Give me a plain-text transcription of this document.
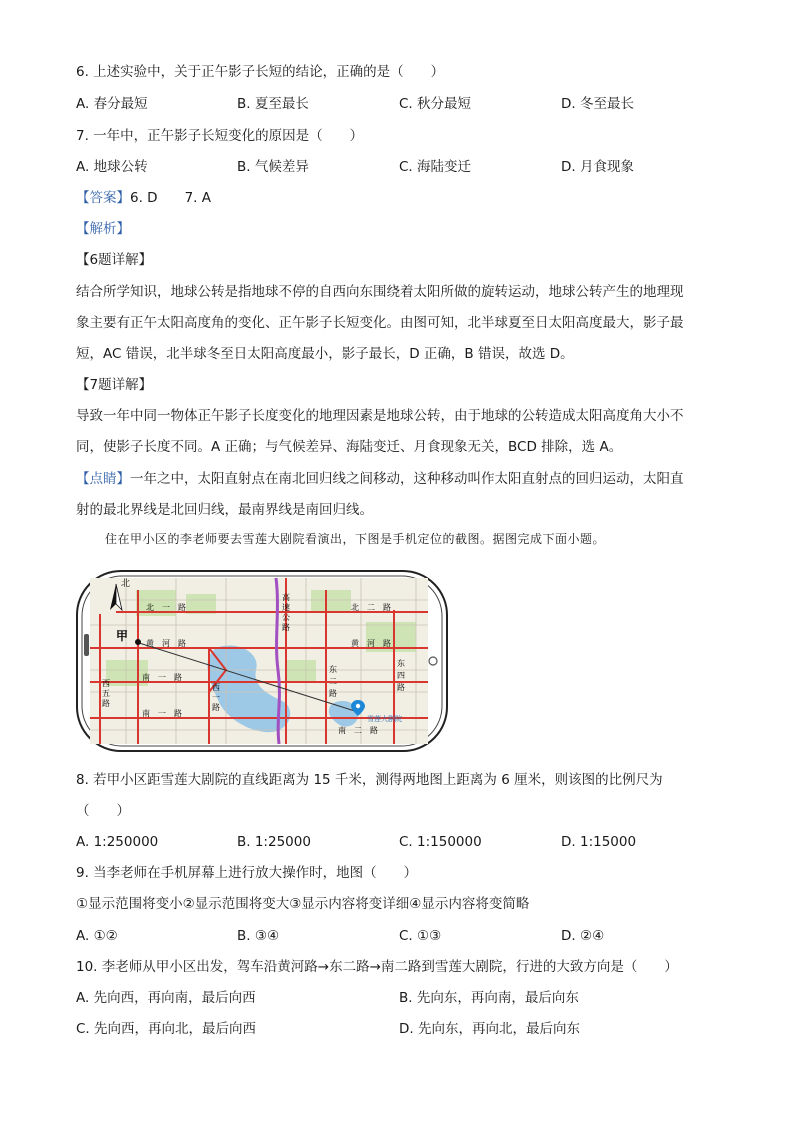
6. 上述实验中，关于正午影子长短的结论，正确的是（　　）
A. 春分最短	B. 夏至最长	C. 秋分最短	D. 冬至最长
7. 一年中，正午影子长短变化的原因是（　　）
A. 地球公转	B. 气候差异	C. 海陆变迁	D. 月食现象
【答案】6. D　　7. A
【解析】
【6题详解】
结合所学知识，地球公转是指地球不停的自西向东围绕着太阳所做的旋转运动，地球公转产生的地理现
象主要有正午太阳高度角的变化、正午影子长短变化。由图可知，北半球夏至日太阳高度最大，影子最
短，AC 错误，北半球冬至日太阳高度最小，影子最长，D 正确，B 错误，故选 D。
【7题详解】
导致一年中同一物体正午影子长度变化的地理因素是地球公转，由于地球的公转造成太阳高度角大小不
同，使影子长度不同。A 正确；与气候差异、海陆变迁、月食现象无关，BCD 排除，选 A。
【点睛】一年之中，太阳直射点在南北回归线之间移动，这种移动叫作太阳直射点的回归运动，太阳直
射的最北界线是北回归线，最南界线是南回归线。
住在甲小区的李老师要去雪莲大剧院看演出，下图是手机定位的截图。据图完成下面小题。
北
甲
北　一　路	北　二　路
黄　河　路	黄　河　路
南　一　路
南　一　路
南　二　路
雪莲大剧院
高
速
公
路
西
五
路
西
一
路
东
二
路
东
四
路
8. 若甲小区距雪莲大剧院的直线距离为 15 千米，测得两地图上距离为 6 厘米，则该图的比例尺为
（　　）
A. 1:250000	B. 1:25000	C. 1:150000	D. 1:15000
9. 当李老师在手机屏幕上进行放大操作时，地图（　　）
①显示范围将变小②显示范围将变大③显示内容将变详细④显示内容将变简略
A. ①②	B. ③④	C. ①③	D. ②④
10. 李老师从甲小区出发，驾车沿黄河路→东二路→南二路到雪莲大剧院，行进的大致方向是（　　）
A. 先向西，再向南，最后向西	B. 先向东，再向南，最后向东
C. 先向西，再向北，最后向西	D. 先向东，再向北，最后向东
